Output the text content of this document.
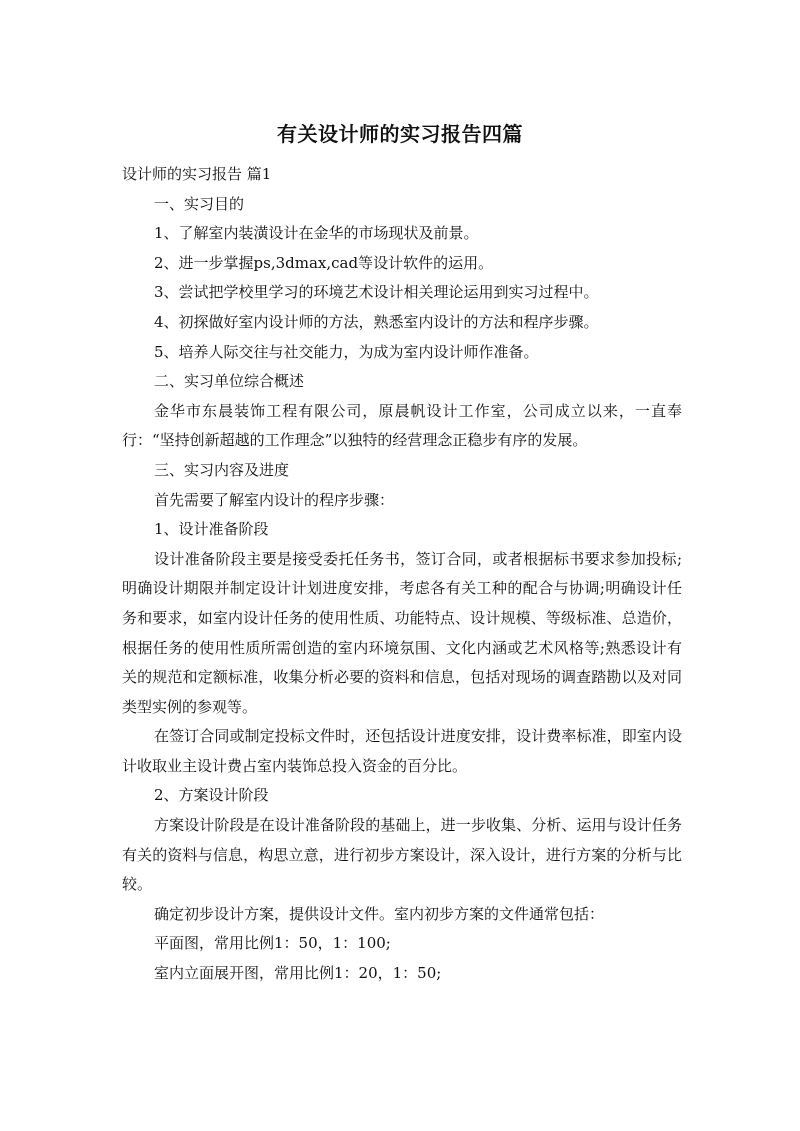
有关设计师的实习报告四篇

设计师的实习报告 篇1

一、实习目的

1、了解室内装潢设计在金华的市场现状及前景。

2、进一步掌握ps,3dmax,cad等设计软件的运用。

3、尝试把学校里学习的环境艺术设计相关理论运用到实习过程中。

4、初探做好室内设计师的方法，熟悉室内设计的方法和程序步骤。

5、培养人际交往与社交能力，为成为室内设计师作准备。

二、实习单位综合概述

金华市东晨装饰工程有限公司，原晨帆设计工作室，公司成立以来，一直奉行：“坚持创新超越的工作理念”以独特的经营理念正稳步有序的发展。

三、实习内容及进度

首先需要了解室内设计的程序步骤：

1、设计准备阶段

设计准备阶段主要是接受委托任务书，签订合同，或者根据标书要求参加投标;明确设计期限并制定设计计划进度安排，考虑各有关工种的配合与协调;明确设计任务和要求，如室内设计任务的使用性质、功能特点、设计规模、等级标准、总造价，根据任务的使用性质所需创造的室内环境氛围、文化内涵或艺术风格等;熟悉设计有关的规范和定额标准，收集分析必要的资料和信息，包括对现场的调查踏勘以及对同类型实例的参观等。

在签订合同或制定投标文件时，还包括设计进度安排，设计费率标准，即室内设计收取业主设计费占室内装饰总投入资金的百分比。

2、方案设计阶段

方案设计阶段是在设计准备阶段的基础上，进一步收集、分析、运用与设计任务有关的资料与信息，构思立意，进行初步方案设计，深入设计，进行方案的分析与比较。

确定初步设计方案，提供设计文件。室内初步方案的文件通常包括：

平面图，常用比例1：50，1：100;

室内立面展开图，常用比例1：20，1：50;
